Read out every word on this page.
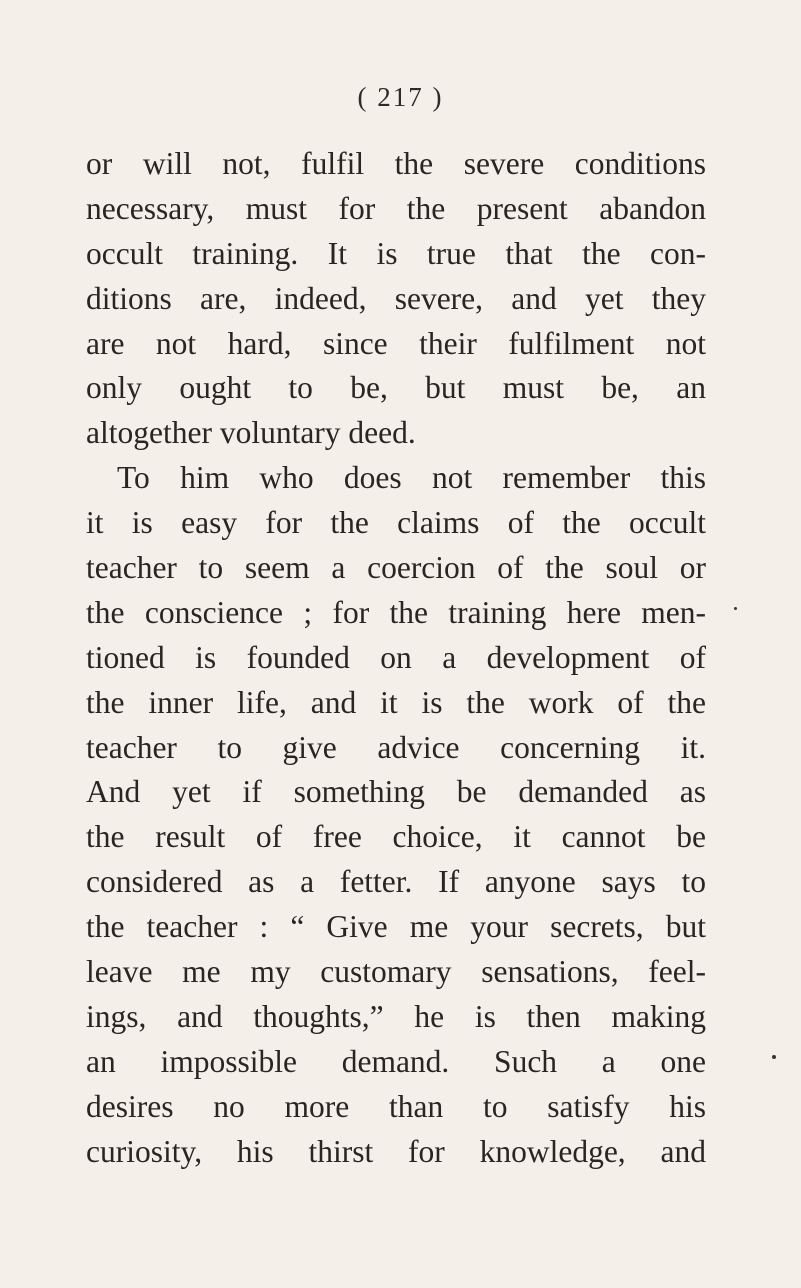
( 217 )
or will not, fulfil the severe conditions
necessary, must for the present abandon
occult training. It is true that the con-
ditions are, indeed, severe, and yet they
are not hard, since their fulfilment not
only ought to be, but must be, an
altogether voluntary deed.
To him who does not remember this
it is easy for the claims of the occult
teacher to seem a coercion of the soul or
the conscience ; for the training here men-
tioned is founded on a development of
the inner life, and it is the work of the
teacher to give advice concerning it.
And yet if something be demanded as
the result of free choice, it cannot be
considered as a fetter. If anyone says to
the teacher : “ Give me your secrets, but
leave me my customary sensations, feel-
ings, and thoughts,” he is then making
an impossible demand. Such a one
desires no more than to satisfy his
curiosity, his thirst for knowledge, and
